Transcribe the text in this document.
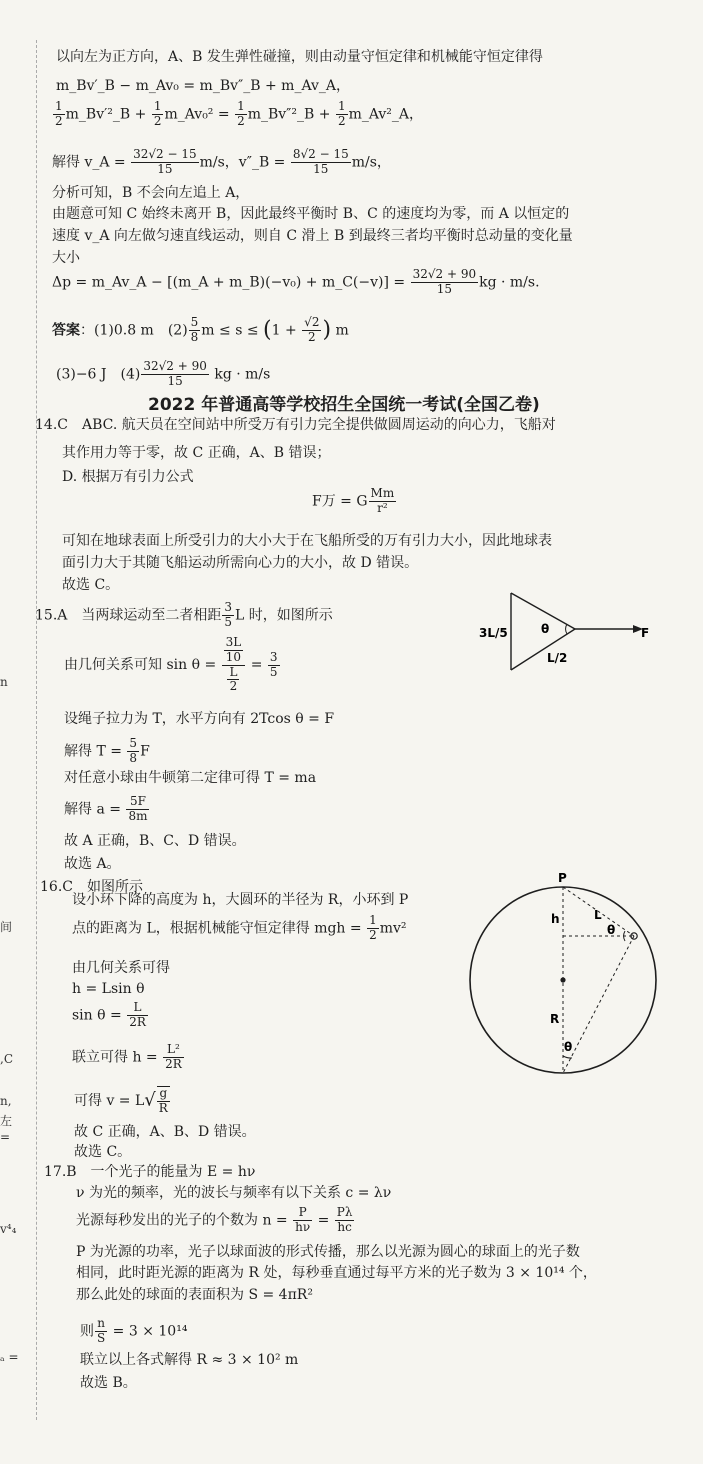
n
间
,C
n,
左
=
v⁴₄
ₐ =
以向左为正方向，A、B 发生弹性碰撞，则由动量守恒定律和机械能守恒定律得
m_Bv′_B − m_Av₀ = m_Bv″_B + m_Av_A，
$\frac{1}{2}$ m_Bv′²_B + $\frac{1}{2}$ m_Av₀² = $\frac{1}{2}$ m_Bv″²_B + $\frac{1}{2}$ m_Av²_A，
解得 v_A = $\frac{32√2 - 15}{15} m/s$，v″_B = $\frac{8√2 - 15}{15} m/s$，
分析可知，B 不会向左追上 A，
由题意可知 C 始终未离开 B，因此最终平衡时 B、C 的速度均为零，而 A 以恒定的
速度 v_A 向左做匀速直线运动，则自 C 滑上 B 到最终三者均平衡时总动量的变化量
大小
Δp = m_Av_A − [(m_A + m_B)(−v₀) + m_C(−v)] = $\frac{32√2 + 90}{15}$ kg · m/s.
答案：(1)0.8 m　$(2) \frac{5}{8}$ $m \le s \le (1 + \frac{√2}{2}$ ) m
(3)−6 J　$(4) \frac{32√2 + 90}{15}$ kg · m/s
2022 年普通高等学校招生全国统一考试(全国乙卷)
14.C　ABC. 航天员在空间站中所受万有引力完全提供做圆周运动的向心力，飞船对
其作用力等于零，故 C 正确，A、B 错误；
D. 根据万有引力公式
F万 = G $\frac{Mm}{\text{r²}}$
可知在地球表面上所受引力的大小大于在飞船所受的万有引力大小，因此地球表
面引力大于其随飞船运动所需向心力的大小，故 D 错误。
故选 C。
15.A　当两球运动至二者相距 $\frac{3}{5}$ L 时，如图所示
由几何关系可知 $\sin \theta = \frac{\frac{3L}{10}}{\frac{L}{2}} = \frac{3}{5}$
设绳子拉力为 T，水平方向有 2Tcos θ = F
解得 $T = \frac{5}{8}$ F
对任意小球由牛顿第二定律可得 T = ma
解得 $a = \frac{5F}{8m}$
故 A 正确，B、C、D 错误。
故选 A。
3L/5	θ
L/2
F
16.C　如图所示
设小环下降的高度为 h，大圆环的半径为 R，小环到 P
点的距离为 L，根据机械能守恒定律得 mgh = $\frac{1}{2} mv^2$
由几何关系可得
h = Lsin θ
$\sin \theta = \frac{L}{2R}$
联立可得 $h = \frac{\text{L²}}{2R}$
可得 $v = L√ \frac{g}{R}$
故 C 正确，A、B、D 错误。
故选 C。
P
h	L
θ
R
θ
17.B　一个光子的能量为 E = hν
ν 为光的频率，光的波长与频率有以下关系 c = λν
光源每秒发出的光子的个数为 $n = \frac{P}{h\nu} = \frac{P\lambda}{hc}$
P 为光源的功率，光子以球面波的形式传播，那么以光源为圆心的球面上的光子数
相同，此时距光源的距离为 R 处，每秒垂直通过每平方米的光子数为 3 × 10¹⁴ 个，
那么此处的球面的表面积为 S = 4πR²
则 $\frac{n}{S} = 3 \times 10^{14}$
联立以上各式解得 R ≈ 3 × 10² m
故选 B。
